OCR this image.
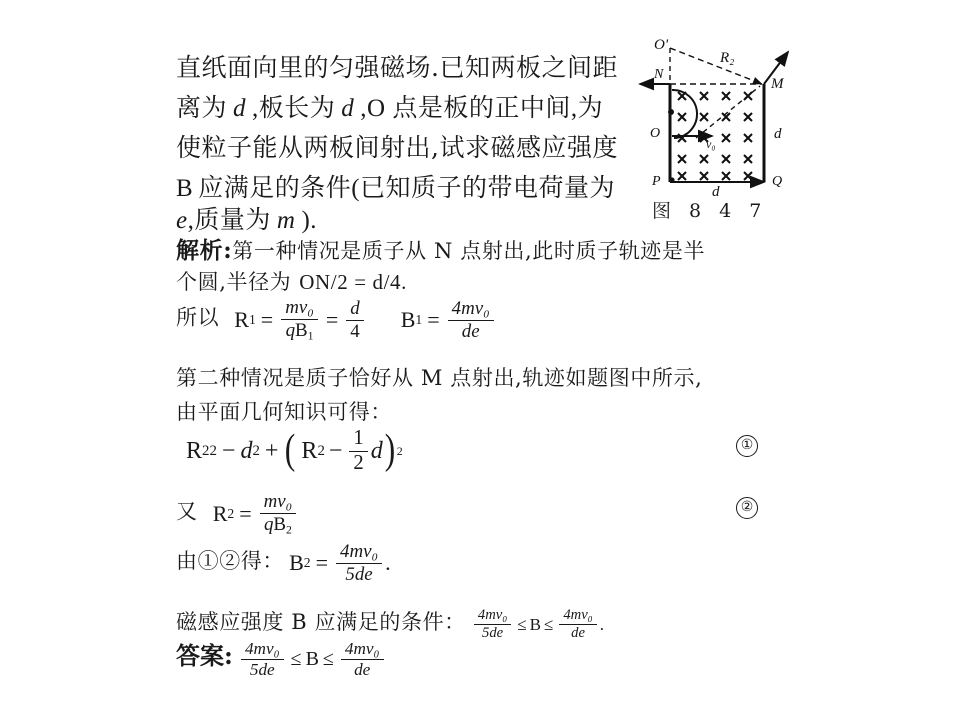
直纸面向里的匀强磁场.已知两板之间距
离为 d ,板长为 d ,O 点是板的正中间,为
使粒子能从两板间射出,试求磁感应强度
B 应满足的条件(已知质子的带电荷量为
e,质量为 m ).
O'
R₂
N
M
O
v₀
P	Q
d
d
图 8 4 7
解析:第一种情况是质子从 N 点射出,此时质子轨迹是半
个圆,半径为 ON/2 = d/4.
所以 R $1 = \frac{\text{mv₀}}{qB_1} = \frac{d}{4}$ B $1 = \frac{\text{4mv₀}}{de}$
第二种情况是质子恰好从 M 点射出,轨迹如题图中所示,
由平面几何知识可得：
R 2 2 − d 2 + ( R $2 - \frac{1}{2}$ d ) 2	①
又 R $2 = \frac{\text{mv₀}}{qB_2}$	②
由①②得： B $2 = \frac{\text{4mv₀}}{5de}$ .
磁感应强度 B 应满足的条件： $\frac{\text{4mv₀}}{5de} \le B \le \frac{\text{4mv₀}}{de}$ .
答案: $\frac{\text{4mv₀}}{5de} \le B \le \frac{\text{4mv₀}}{de}$
